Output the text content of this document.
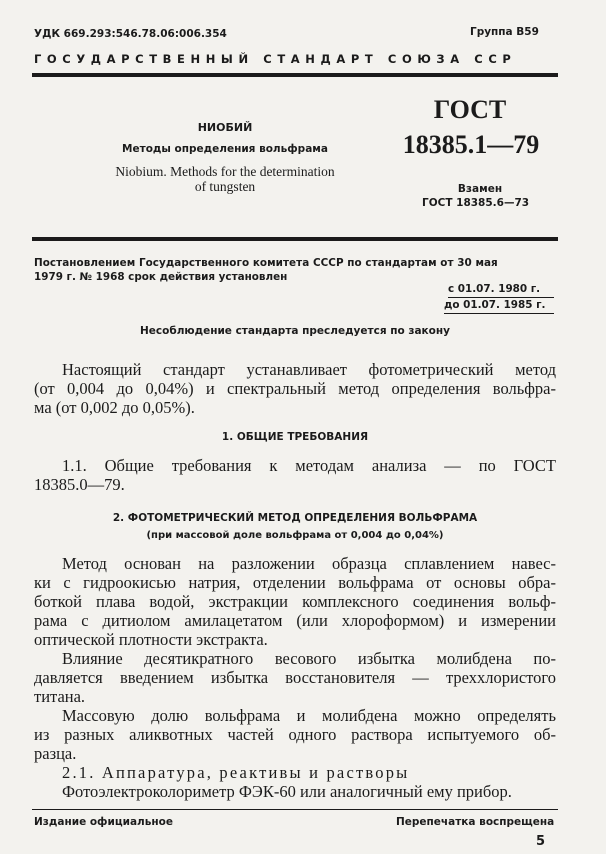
УДК 669.293:546.78.06:006.354	Группа В59
ГОСУДАРСТВЕННЫЙ СТАНДАРТ СОЮЗА ССР
НИОБИЙ
Методы определения вольфрама
Niobium. Methods for the determination
of tungsten
ГОСТ
18385.1—79
Взамен
ГОСТ 18385.6—73
Постановлением Государственного комитета СССР по стандартам от 30 мая
1979 г. № 1968 срок действия установлен
с 01.07. 1980 г.
до 01.07. 1985 г.
Несоблюдение стандарта преследуется по закону
Настоящий стандарт устанавливает фотометрический метод
(от 0,004 до 0,04%) и спектральный метод определения вольфра-
ма (от 0,002 до 0,05%).
1. ОБЩИЕ ТРЕБОВАНИЯ
1.1. Общие требования к методам анализа — по ГОСТ
18385.0—79.
2. ФОТОМЕТРИЧЕСКИЙ МЕТОД ОПРЕДЕЛЕНИЯ ВОЛЬФРАМА
(при массовой доле вольфрама от 0,004 до 0,04%)
Метод основан на разложении образца сплавлением навес-
ки с гидроокисью натрия, отделении вольфрама от основы обра-
боткой плава водой, экстракции комплексного соединения вольф-
рама с дитиолом амилацетатом (или хлороформом) и измерении
оптической плотности экстракта.
Влияние десятикратного весового избытка молибдена по-
давляется введением избытка восстановителя — треххлористого
титана.
Массовую долю вольфрама и молибдена можно определять
из разных аликвотных частей одного раствора испытуемого об-
разца.
2.1. Аппаратура, реактивы и растворы
Фотоэлектроколориметр ФЭК-60 или аналогичный ему прибор.
Издание официальное	Перепечатка воспрещена
5
